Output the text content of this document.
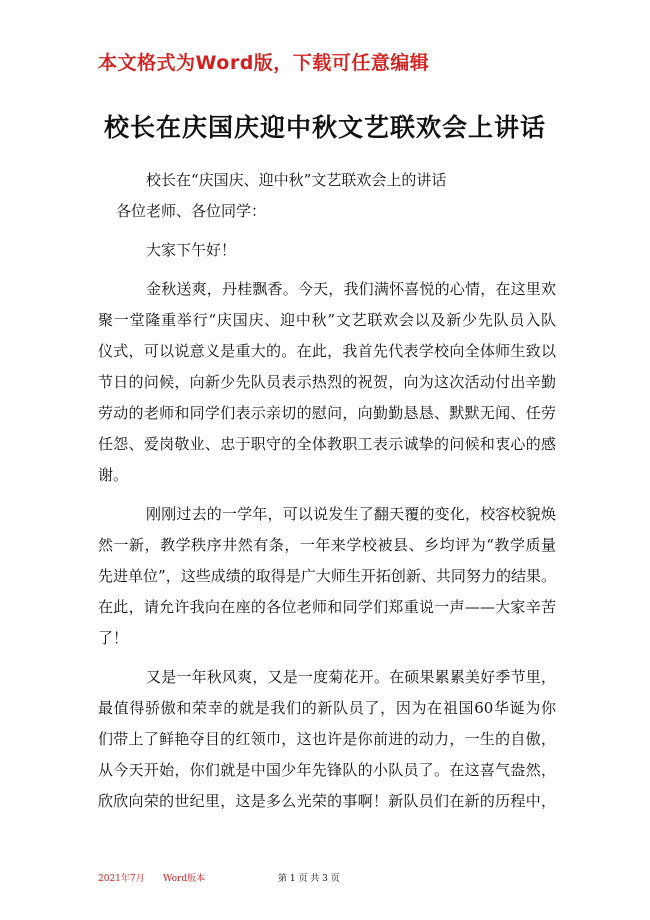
本文格式为Word版，下载可任意编辑
校长在庆国庆迎中秋文艺联欢会上讲话
校长在“庆国庆、迎中秋”文艺联欢会上的讲话
各位老师、各位同学：
大家下午好！
金秋送爽，丹桂飘香。今天，我们满怀喜悦的心情，在这里欢
聚一堂隆重举行“庆国庆、迎中秋”文艺联欢会以及新少先队员入队
仪式，可以说意义是重大的。在此，我首先代表学校向全体师生致以
节日的问候，向新少先队员表示热烈的祝贺，向为这次活动付出辛勤
劳动的老师和同学们表示亲切的慰问，向勤勤恳恳、默默无闻、任劳
任怨、爱岗敬业、忠于职守的全体教职工表示诚挚的问候和衷心的感
谢。
刚刚过去的一学年，可以说发生了翻天覆的变化，校容校貌焕
然一新，教学秩序井然有条，一年来学校被县、乡均评为“教学质量
先进单位”，这些成绩的取得是广大师生开拓创新、共同努力的结果。
在此，请允许我向在座的各位老师和同学们郑重说一声——大家辛苦
了！
又是一年秋风爽，又是一度菊花开。在硕果累累美好季节里，
最值得骄傲和荣幸的就是我们的新队员了，因为在祖国60华诞为你
们带上了鲜艳夺目的红领巾，这也许是你前进的动力，一生的自傲，
从今天开始，你们就是中国少年先锋队的小队员了。在这喜气盎然，
欣欣向荣的世纪里，这是多么光荣的事啊！新队员们在新的历程中，
2021年7月 Word版本	第 1 页 共 3 页
